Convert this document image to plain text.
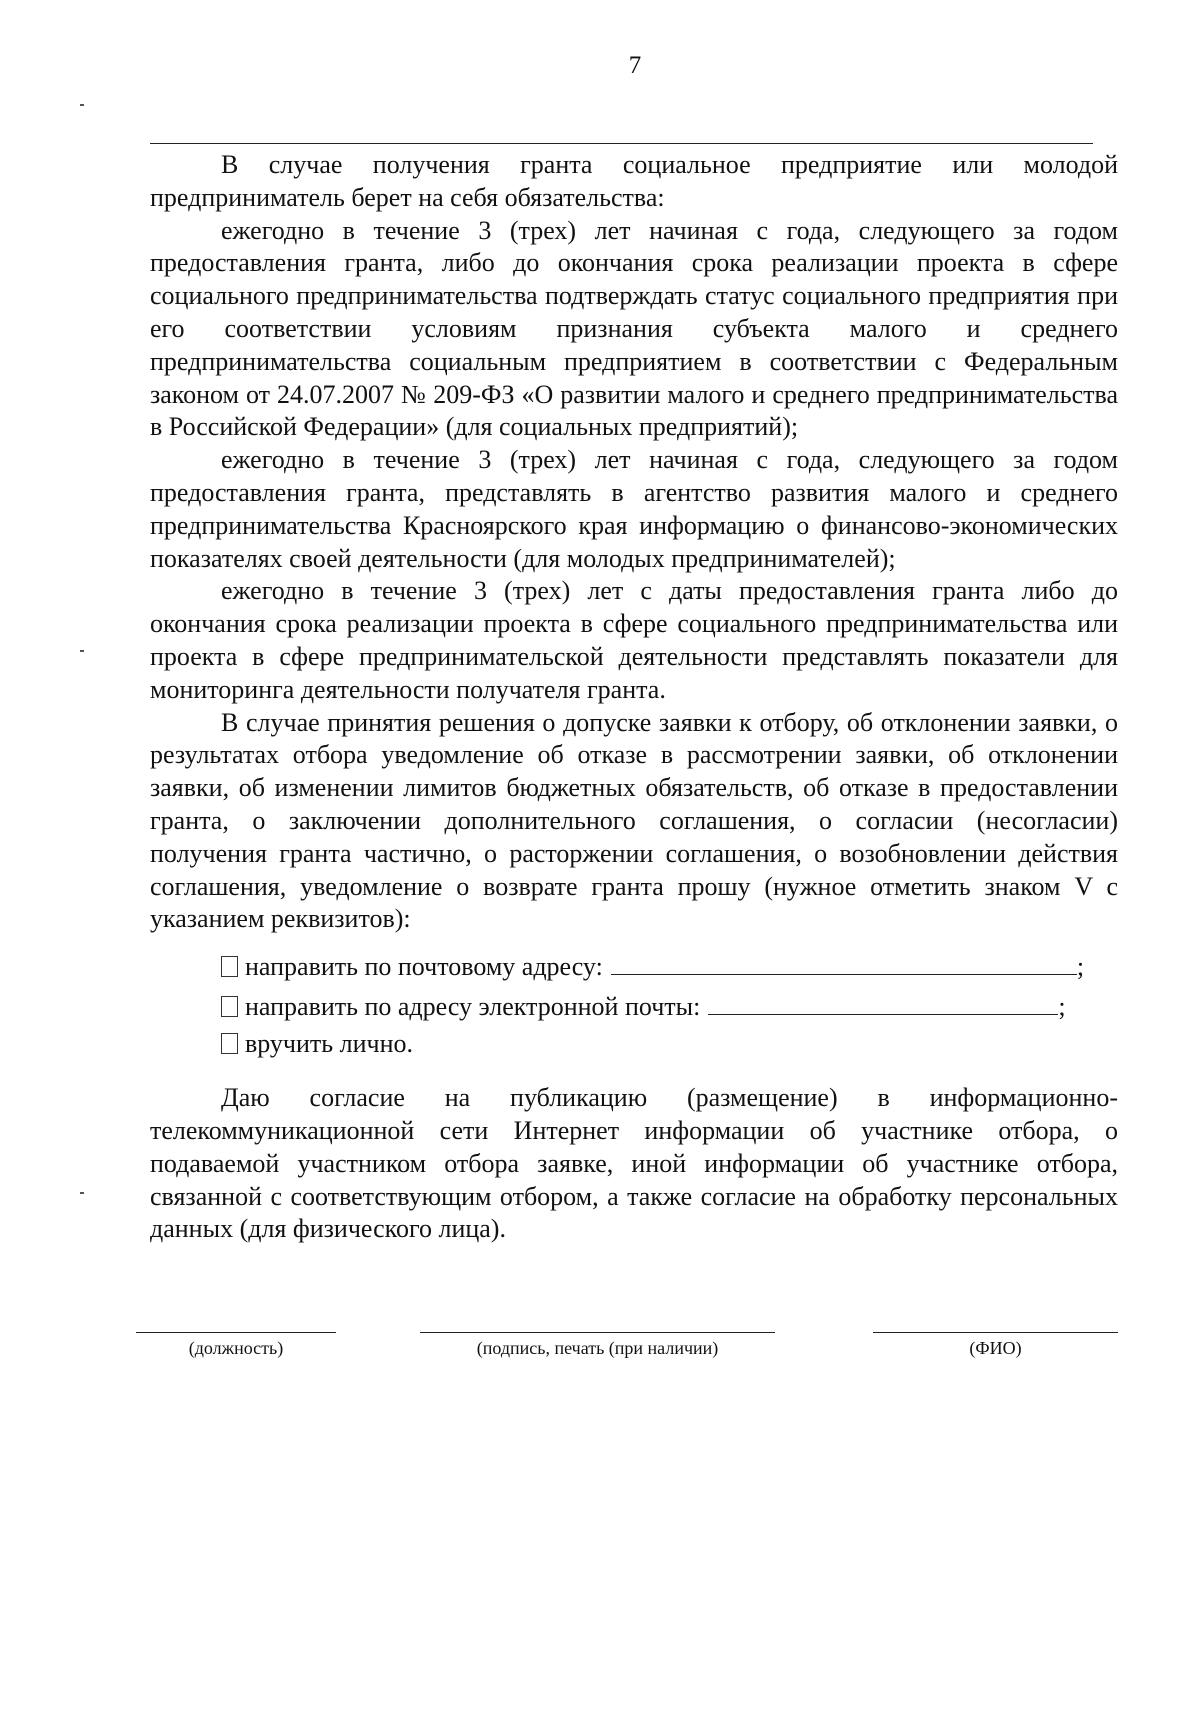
7

В случае получения гранта социальное предприятие или молодой предприниматель берет на себя обязательства:

ежегодно в течение 3 (трех) лет начиная с года, следующего за годом предоставления гранта, либо до окончания срока реализации проекта в сфере социального предпринимательства подтверждать статус социального предприятия при его соответствии условиям признания субъекта малого и среднего предпринимательства социальным предприятием в соответствии с Федеральным законом от 24.07.2007 № 209-ФЗ «О развитии малого и среднего предпринимательства в Российской Федерации» (для социальных предприятий);

ежегодно в течение 3 (трех) лет начиная с года, следующего за годом предоставления гранта, представлять в агентство развития малого и среднего предпринимательства Красноярского края информацию о финансово-экономических показателях своей деятельности (для молодых предпринимателей);

ежегодно в течение 3 (трех) лет с даты предоставления гранта либо до окончания срока реализации проекта в сфере социального предпринимательства или проекта в сфере предпринимательской деятельности представлять показатели для мониторинга деятельности получателя гранта.

В случае принятия решения о допуске заявки к отбору, об отклонении заявки, о результатах отбора уведомление об отказе в рассмотрении заявки, об отклонении заявки, об изменении лимитов бюджетных обязательств, об отказе в предоставлении гранта, о заключении дополнительного соглашения, о согласии (несогласии) получения гранта частично, о расторжении соглашения, о возобновлении действия соглашения, уведомление о возврате гранта прошу (нужное отметить знаком V с указанием реквизитов):

направить по почтовому адресу:	;
направить по адресу электронной почты:	;
вручить лично.

Даю согласие на публикацию (размещение) в информационно-телекоммуникационной сети Интернет информации об участнике отбора, о подаваемой участником отбора заявке, иной информации об участнике отбора, связанной с соответствующим отбором, а также согласие на обработку персональных данных (для физического лица).

(должность)	(подпись, печать (при наличии)	(ФИО)
